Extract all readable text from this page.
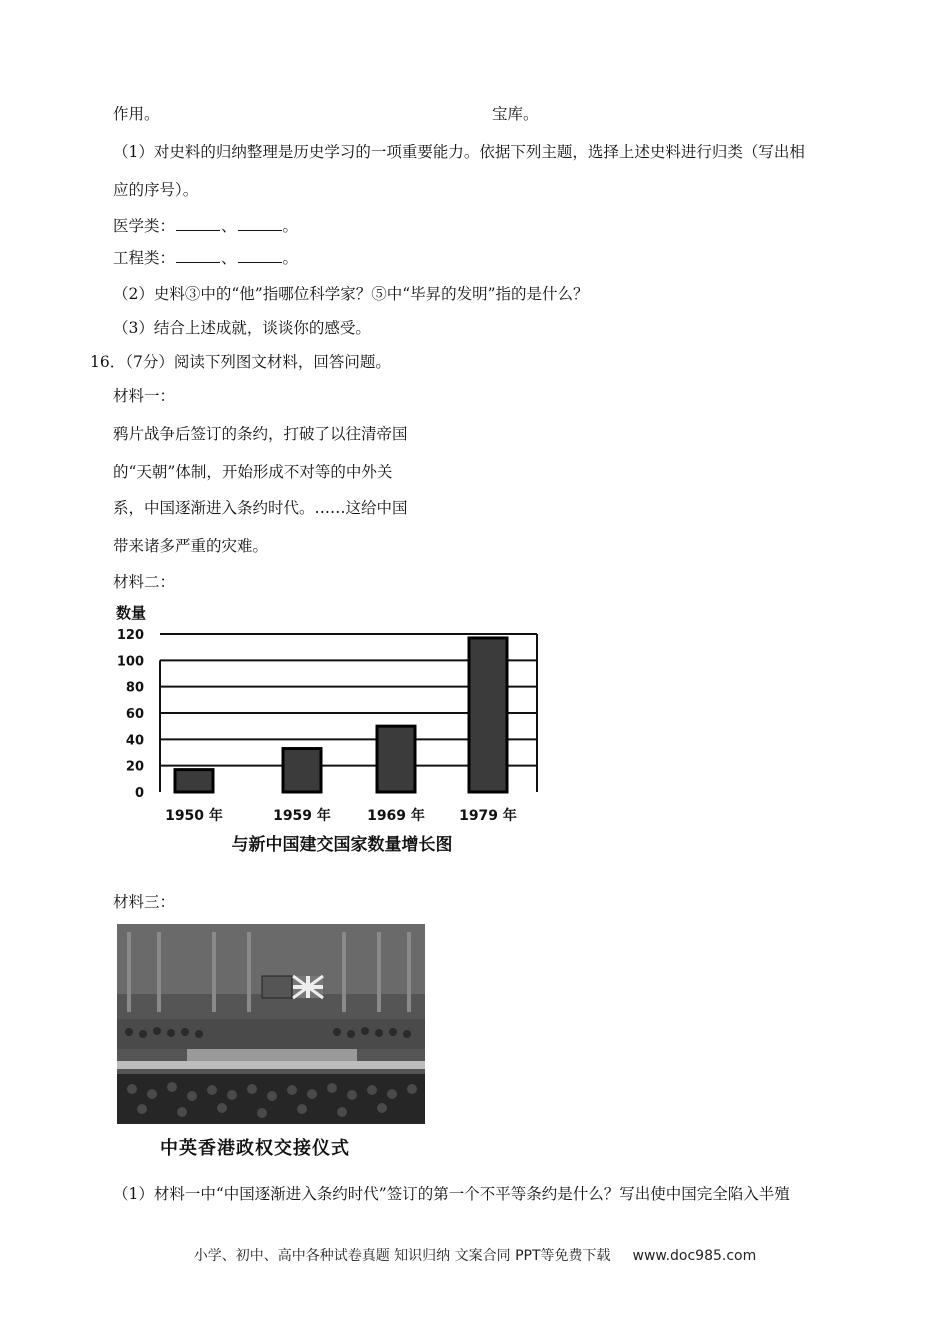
作用。	宝库。
（1）对史料的归纳整理是历史学习的一项重要能力。依据下列主题，选择上述史料进行归类（写出相
应的序号）。
医学类：	、	。
工程类：	、	。
（2）史料③中的“他”指哪位科学家？⑤中“毕昇的发明”指的是什么？
（3）结合上述成就，谈谈你的感受。
16．（7分）阅读下列图文材料，回答问题。
材料一：
鸦片战争后签订的条约，打破了以往清帝国
的“天朝”体制，开始形成不对等的中外关
系，中国逐渐进入条约时代。……这给中国
带来诸多严重的灾难。
材料二：
数量
0
20
40
60
80
100
120
1950 年	1959 年	1969 年 1979 年
与新中国建交国家数量增长图
材料三：
中英香港政权交接仪式
（1）材料一中“中国逐渐进入条约时代”签订的第一个不平等条约是什么？写出使中国完全陷入半殖
小学、初中、高中各种试卷真题 知识归纳 文案合同 PPT等免费下载 www.doc985.com
